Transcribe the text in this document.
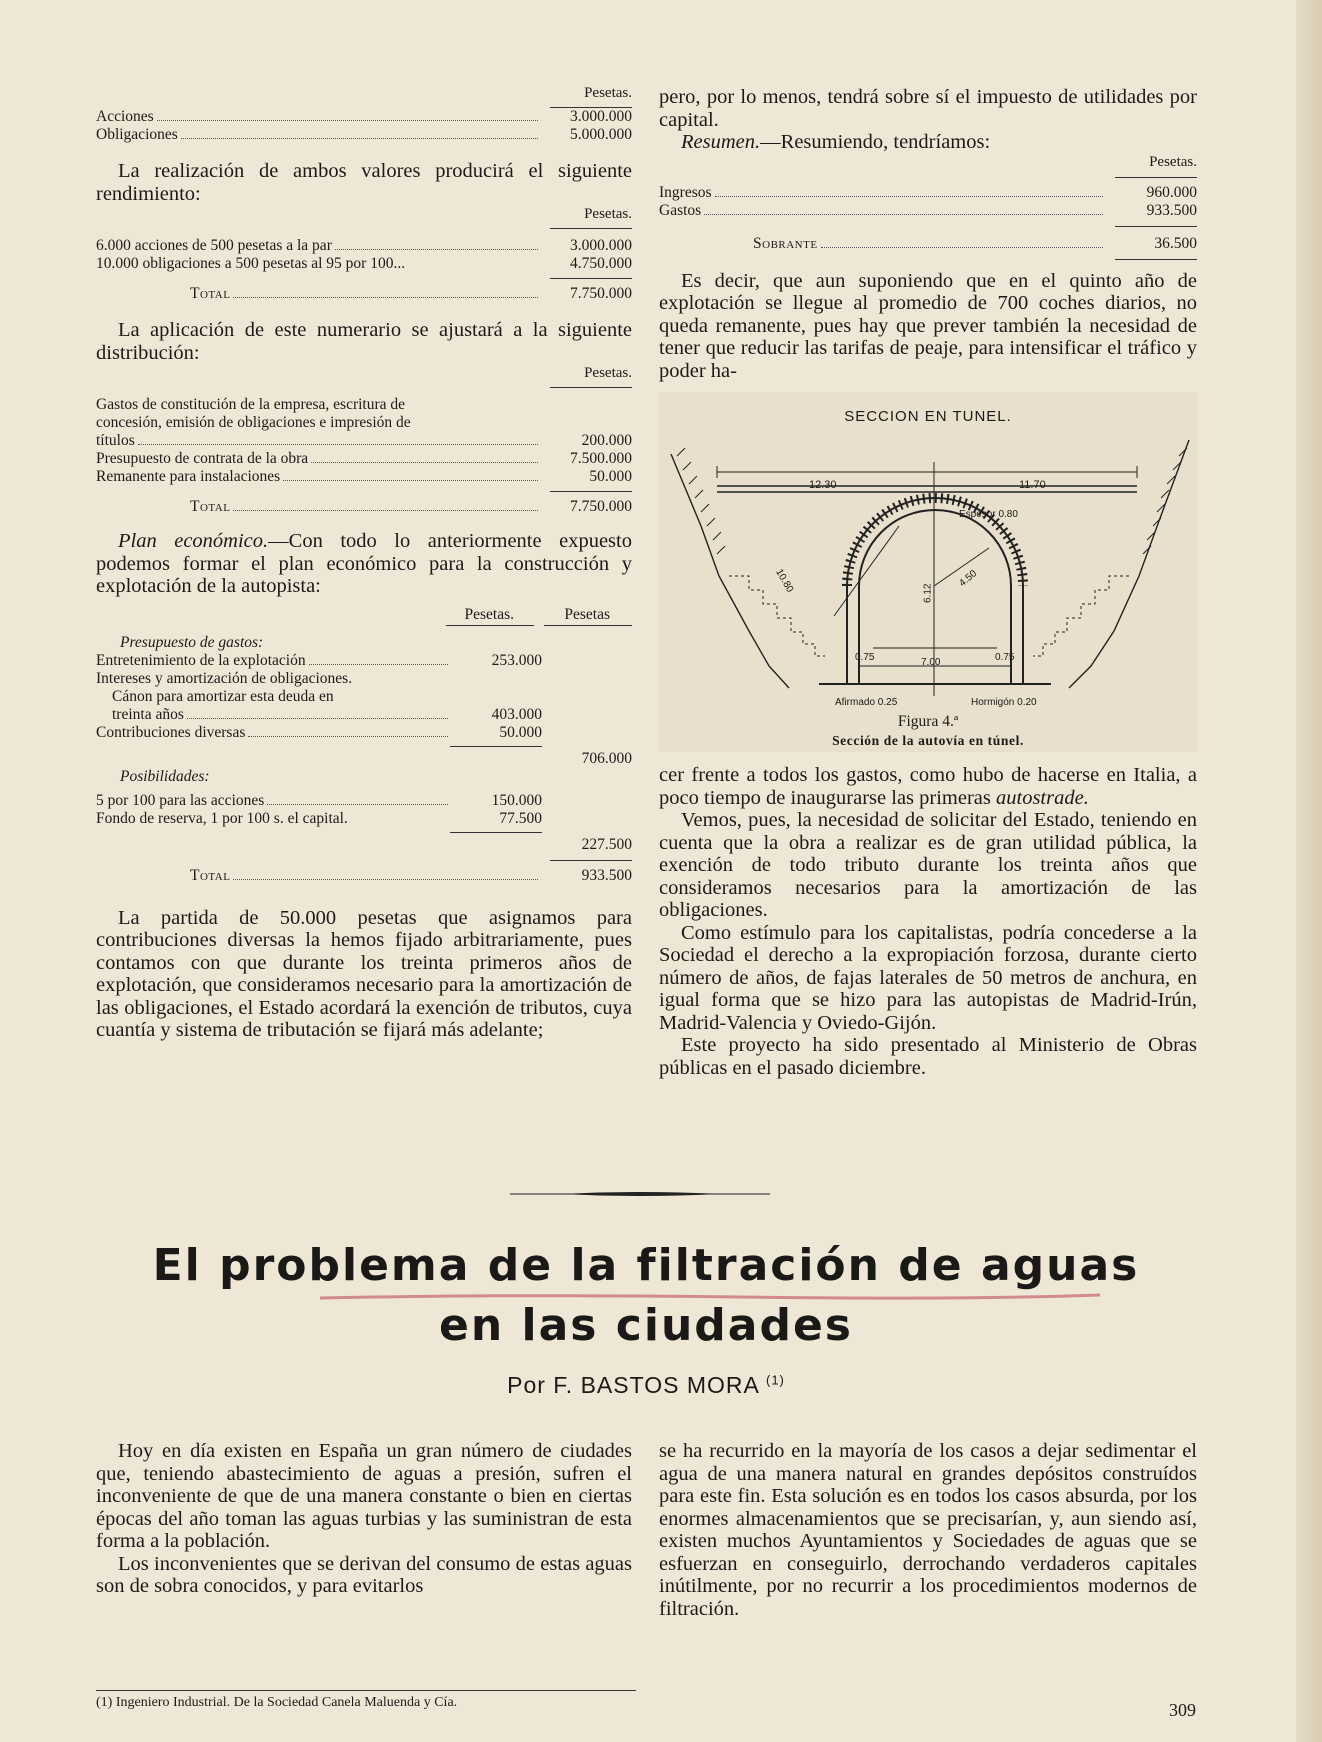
Pesetas.
Acciones	3.000.000
Obligaciones	5.000.000

La realización de ambos valores producirá el siguiente rendimiento:

Pesetas.
6.000 acciones de 500 pesetas a la par	3.000.000
10.000 obligaciones a 500 pesetas al 95 por 100...	4.750.000
Total	7.750.000

La aplicación de este numerario se ajustará a la siguiente distribución:

Pesetas.
Gastos de constitución de la empresa, escritura de
concesión, emisión de obligaciones e impresión de
títulos	200.000
Presupuesto de contrata de la obra	7.500.000
Remanente para instalaciones	50.000
Total	7.750.000

Plan económico.—Con todo lo anteriormente expuesto podemos formar el plan económico para la construcción y explotación de la autopista:

Pesetas.	Pesetas
Presupuesto de gastos:
Entretenimiento de la explotación	253.000
Intereses y amortización de obligaciones.
Cánon para amortizar esta deuda en
treinta años	403.000
Contribuciones diversas	50.000
706.000
Posibilidades:
5 por 100 para las acciones	150.000
Fondo de reserva, 1 por 100 s. el capital.	77.500
227.500
Total	933.500

La partida de 50.000 pesetas que asignamos para contribuciones diversas la hemos fijado arbitrariamente, pues contamos con que durante los treinta primeros años de explotación, que consideramos necesario para la amortización de las obligaciones, el Estado acordará la exención de tributos, cuya cuantía y sistema de tributación se fijará más adelante;

pero, por lo menos, tendrá sobre sí el impuesto de utilidades por capital.

Resumen.—Resumiendo, tendríamos:

Pesetas.
Ingresos	960.000
Gastos	933.500
Sobrante	36.500

Es decir, que aun suponiendo que en el quinto año de explotación se llegue al promedio de 700 coches diarios, no queda remanente, pues hay que prever también la necesidad de tener que reducir las tarifas de peaje, para intensificar el tráfico y poder ha-

SECCION EN TUNEL.
12.30	11.70
Espesor 0.80
10.80	6.12
4.50
0.75	7.00	0.75
Afirmado 0.25	Hormigón 0.20
Figura 4.ª
Sección de la autovía en túnel.

cer frente a todos los gastos, como hubo de hacerse en Italia, a poco tiempo de inaugurarse las primeras autostrade.

Vemos, pues, la necesidad de solicitar del Estado, teniendo en cuenta que la obra a realizar es de gran utilidad pública, la exención de todo tributo durante los treinta años que consideramos necesarios para la amortización de las obligaciones.

Como estímulo para los capitalistas, podría concederse a la Sociedad el derecho a la expropiación forzosa, durante cierto número de años, de fajas laterales de 50 metros de anchura, en igual forma que se hizo para las autopistas de Madrid-Irún, Madrid-Valencia y Oviedo-Gijón.

Este proyecto ha sido presentado al Ministerio de Obras públicas en el pasado diciembre.

El problema de la filtración de aguas
en las ciudades
Por F. BASTOS MORA $^{(1)}$

Hoy en día existen en España un gran número de ciudades que, teniendo abastecimiento de aguas a presión, sufren el inconveniente de que de una manera constante o bien en ciertas épocas del año toman las aguas turbias y las suministran de esta forma a la población.

Los inconvenientes que se derivan del consumo de estas aguas son de sobra conocidos, y para evitarlos

se ha recurrido en la mayoría de los casos a dejar sedimentar el agua de una manera natural en grandes depósitos construídos para este fin. Esta solución es en todos los casos absurda, por los enormes almacenamientos que se precisarían, y, aun siendo así, existen muchos Ayuntamientos y Sociedades de aguas que se esfuerzan en conseguirlo, derrochando verdaderos capitales inútilmente, por no recurrir a los procedimientos modernos de filtración.

(1) Ingeniero Industrial. De la Sociedad Canela Maluenda y Cía.	309
